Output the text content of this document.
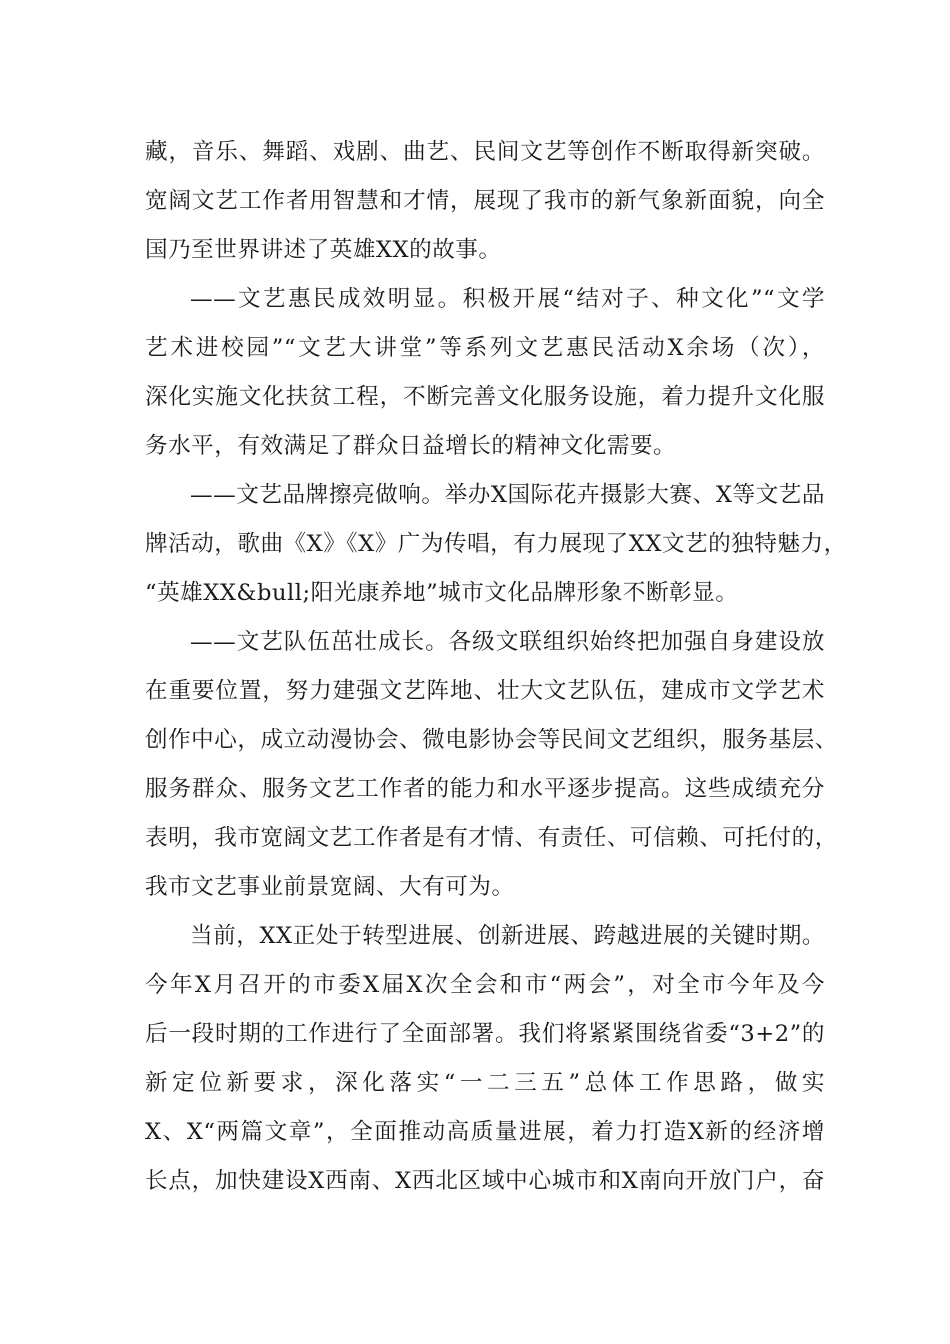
藏，音乐、舞蹈、戏剧、曲艺、民间文艺等创作不断取得新突破。
宽阔文艺工作者用智慧和才情，展现了我市的新气象新面貌，向全
国乃至世界讲述了英雄XX的故事。
——文艺惠民成效明显。积极开展“结对子、种文化”“文学
艺术进校园”“文艺大讲堂”等系列文艺惠民活动X余场（次），
深化实施文化扶贫工程，不断完善文化服务设施，着力提升文化服
务水平，有效满足了群众日益增长的精神文化需要。
——文艺品牌擦亮做响。举办X国际花卉摄影大赛、X等文艺品
牌活动，歌曲《X》《X》广为传唱，有力展现了XX文艺的独特魅力，
“英雄XX&bull;阳光康养地”城市文化品牌形象不断彰显。
——文艺队伍茁壮成长。各级文联组织始终把加强自身建设放
在重要位置，努力建强文艺阵地、壮大文艺队伍，建成市文学艺术
创作中心，成立动漫协会、微电影协会等民间文艺组织，服务基层、
服务群众、服务文艺工作者的能力和水平逐步提高。这些成绩充分
表明，我市宽阔文艺工作者是有才情、有责任、可信赖、可托付的，
我市文艺事业前景宽阔、大有可为。
当前，XX正处于转型进展、创新进展、跨越进展的关键时期。
今年X月召开的市委X届X次全会和市“两会”，对全市今年及今
后一段时期的工作进行了全面部署。我们将紧紧围绕省委“3+2”的
新定位新要求，深化落实“一二三五”总体工作思路，做实
X、X“两篇文章”，全面推动高质量进展，着力打造X新的经济增
长点，加快建设X西南、X西北区域中心城市和X南向开放门户，奋
